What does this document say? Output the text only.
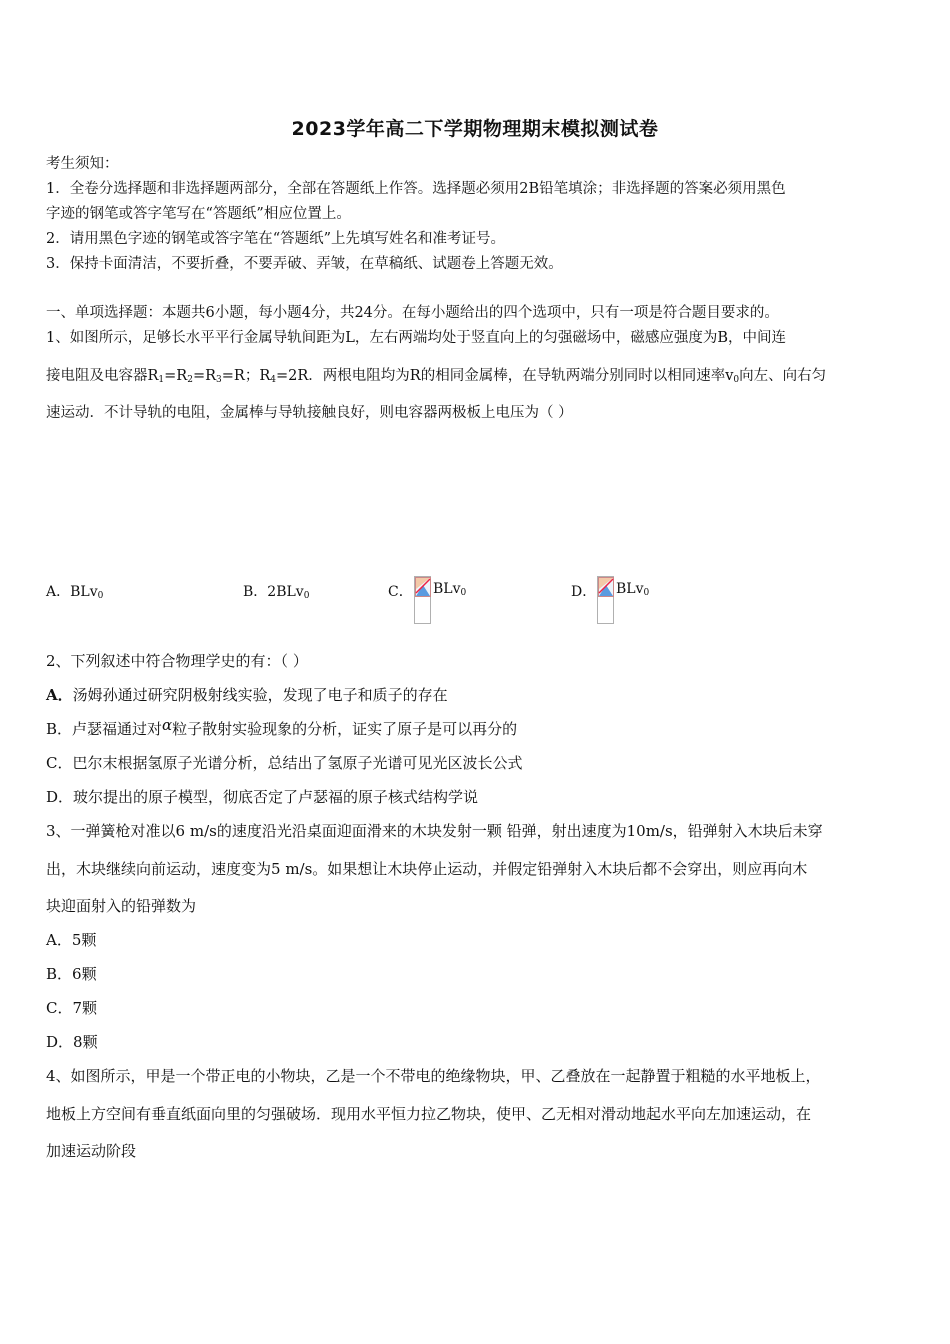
2023学年高二下学期物理期末模拟测试卷
考生须知：
1．全卷分选择题和非选择题两部分，全部在答题纸上作答。选择题必须用2B铅笔填涂；非选择题的答案必须用黑色
字迹的钢笔或答字笔写在“答题纸”相应位置上。
2．请用黑色字迹的钢笔或答字笔在“答题纸”上先填写姓名和准考证号。
3．保持卡面清洁，不要折叠，不要弄破、弄皱，在草稿纸、试题卷上答题无效。
一、单项选择题：本题共6小题，每小题4分，共24分。在每小题给出的四个选项中，只有一项是符合题目要求的。
1、如图所示，足够长水平平行金属导轨间距为L，左右两端均处于竖直向上的匀强磁场中，磁感应强度为B，中间连
接电阻及电容器$R_1=R_2=R_3=R$；$R_4=2R$．两根电阻均为R的相同金属棒，在导轨两端分别同时以相同速率$v_0$向左、向右匀
速运动．不计导轨的电阻，金属棒与导轨接触良好，则电容器两极板上电压为（ ）
A．BLv$_0$	B．2BLv$_0$	C． BLv$_0$	D． BLv$_0$
2、下列叙述中符合物理学史的有：（ ）
A．汤姆孙通过研究阴极射线实验，发现了电子和质子的存在
B．卢瑟福通过对α粒子散射实验现象的分析，证实了原子是可以再分的
C．巴尔末根据氢原子光谱分析，总结出了氢原子光谱可见光区波长公式
D．玻尔提出的原子模型，彻底否定了卢瑟福的原子核式结构学说
3、一弹簧枪对准以6 m/s的速度沿光沿桌面迎面滑来的木块发射一颗 铅弹，射出速度为10m/s，铅弹射入木块后未穿
出，木块继续向前运动，速度变为5 m/s。如果想让木块停止运动，并假定铅弹射入木块后都不会穿出，则应再向木
块迎面射入的铅弹数为
A．5颗
B．6颗
C．7颗
D．8颗
4、如图所示，甲是一个带正电的小物块，乙是一个不带电的绝缘物块，甲、乙叠放在一起静置于粗糙的水平地板上，
地板上方空间有垂直纸面向里的匀强破场．现用水平恒力拉乙物块，使甲、乙无相对滑动地起水平向左加速运动，在
加速运动阶段
